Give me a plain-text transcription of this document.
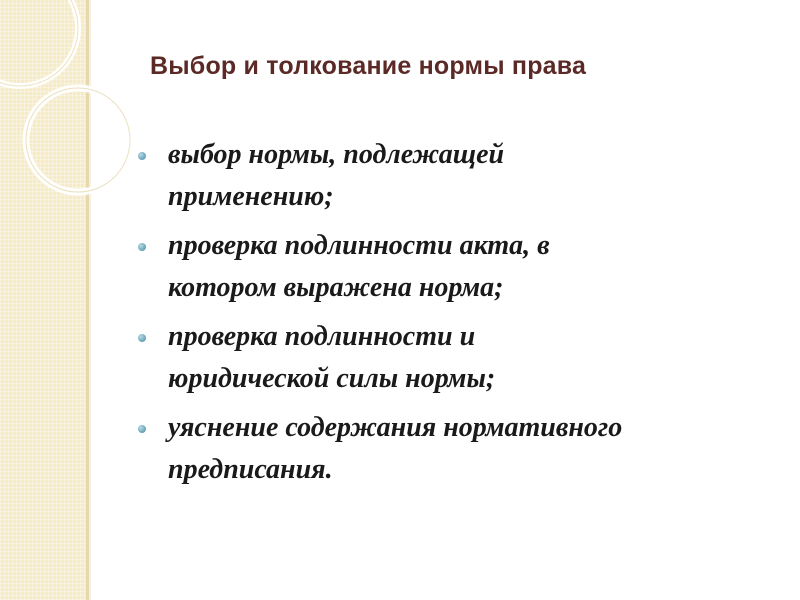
Выбор и толкование нормы права
выбор нормы, подлежащей
применению;
проверка подлинности акта, в
котором выражена норма;
проверка подлинности и
юридической силы нормы;
уяснение содержания нормативного
предписания.
